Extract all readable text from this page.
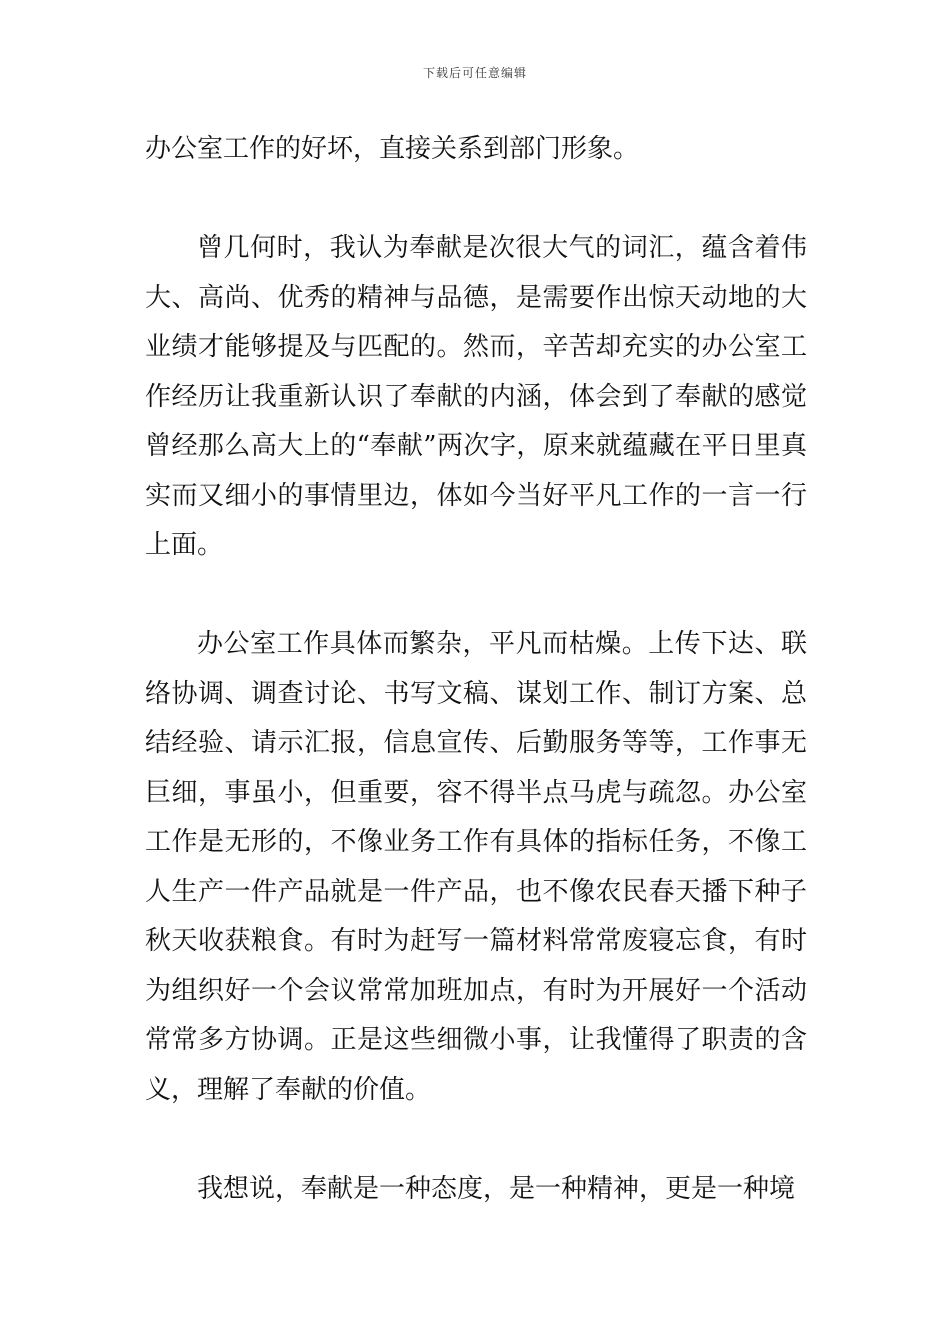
下载后可任意编辑

办公室工作的好坏，直接关系到部门形象。

曾几何时，我认为奉献是次很大气的词汇，蕴含着伟大、高尚、优秀的精神与品德，是需要作出惊天动地的大业绩才能够提及与匹配的。然而，辛苦却充实的办公室工作经历让我重新认识了奉献的内涵，体会到了奉献的感觉曾经那么高大上的“奉献”两次字，原来就蕴藏在平日里真实而又细小的事情里边，体如今当好平凡工作的一言一行上面。

办公室工作具体而繁杂，平凡而枯燥。上传下达、联络协调、调查讨论、书写文稿、谋划工作、制订方案、总结经验、请示汇报，信息宣传、后勤服务等等，工作事无巨细，事虽小，但重要，容不得半点马虎与疏忽。办公室工作是无形的，不像业务工作有具体的指标任务，不像工人生产一件产品就是一件产品，也不像农民春天播下种子秋天收获粮食。有时为赶写一篇材料常常废寝忘食，有时为组织好一个会议常常加班加点，有时为开展好一个活动常常多方协调。正是这些细微小事，让我懂得了职责的含义，理解了奉献的价值。

我想说，奉献是一种态度，是一种精神，更是一种境
